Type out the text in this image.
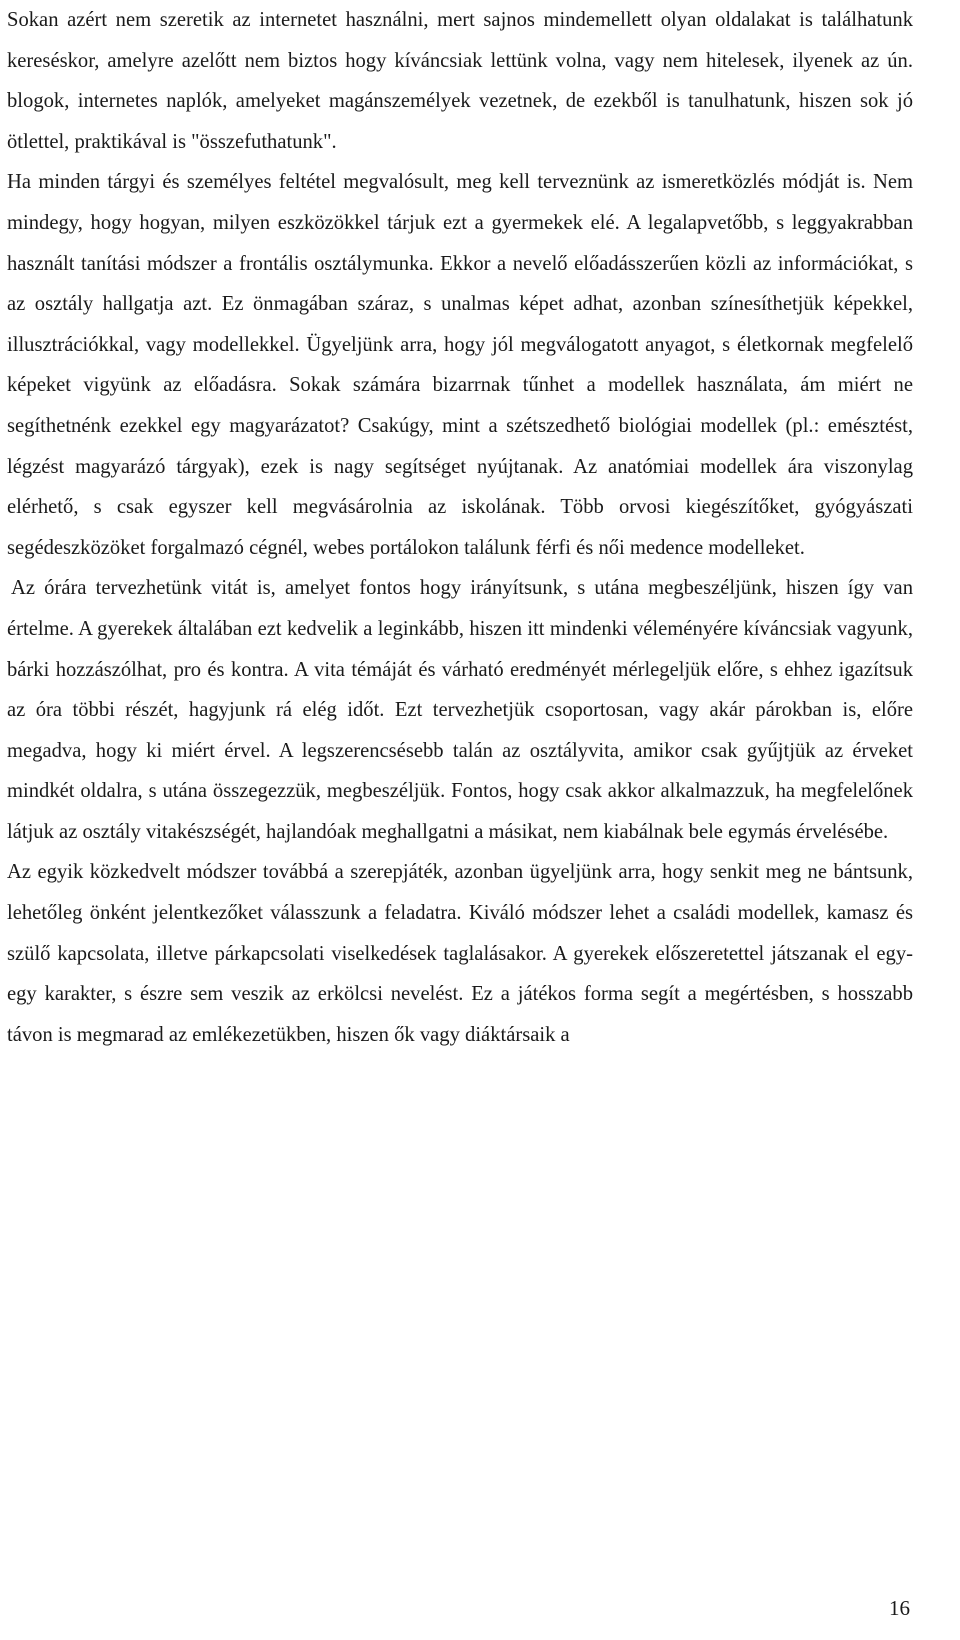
Sokan azért nem szeretik az internetet használni, mert sajnos mindemellett olyan oldalakat is találhatunk kereséskor, amelyre azelőtt nem biztos hogy kíváncsiak lettünk volna, vagy nem hitelesek, ilyenek az ún. blogok, internetes naplók, amelyeket magánszemélyek vezetnek, de ezekből is tanulhatunk, hiszen sok jó ötlettel, praktikával is "összefuthatunk".

Ha minden tárgyi és személyes feltétel megvalósult, meg kell terveznünk az ismeretközlés módját is. Nem mindegy, hogy hogyan, milyen eszközökkel tárjuk ezt a gyermekek elé. A legalapvetőbb, s leggyakrabban használt tanítási módszer a frontális osztálymunka. Ekkor a nevelő előadásszerűen közli az információkat, s az osztály hallgatja azt. Ez önmagában száraz, s unalmas képet adhat, azonban színesíthetjük képekkel, illusztrációkkal, vagy modellekkel. Ügyeljünk arra, hogy jól megválogatott anyagot, s életkornak megfelelő képeket vigyünk az előadásra. Sokak számára bizarrnak tűnhet a modellek használata, ám miért ne segíthetnénk ezekkel egy magyarázatot? Csakúgy, mint a szétszedhető biológiai modellek (pl.: emésztést, légzést magyarázó tárgyak), ezek is nagy segítséget nyújtanak. Az anatómiai modellek ára viszonylag elérhető, s csak egyszer kell megvásárolnia az iskolának. Több orvosi kiegészítőket, gyógyászati segédeszközöket forgalmazó cégnél, webes portálokon találunk férfi és női medence modelleket.

Az órára tervezhetünk vitát is, amelyet fontos hogy irányítsunk, s utána megbeszéljünk, hiszen így van értelme. A gyerekek általában ezt kedvelik a leginkább, hiszen itt mindenki véleményére kíváncsiak vagyunk, bárki hozzászólhat, pro és kontra. A vita témáját és várható eredményét mérlegeljük előre, s ehhez igazítsuk az óra többi részét, hagyjunk rá elég időt. Ezt tervezhetjük csoportosan, vagy akár párokban is, előre megadva, hogy ki miért érvel. A legszerencsésebb talán az osztályvita, amikor csak gyűjtjük az érveket mindkét oldalra, s utána összegezzük, megbeszéljük. Fontos, hogy csak akkor alkalmazzuk, ha megfelelőnek látjuk az osztály vitakészségét, hajlandóak meghallgatni a másikat, nem kiabálnak bele egymás érvelésébe.

Az egyik közkedvelt módszer továbbá a szerepjáték, azonban ügyeljünk arra, hogy senkit meg ne bántsunk, lehetőleg önként jelentkezőket válasszunk a feladatra. Kiváló módszer lehet a családi modellek, kamasz és szülő kapcsolata, illetve párkapcsolati viselkedések taglalásakor. A gyerekek előszeretettel játszanak el egy-egy karakter, s észre sem veszik az erkölcsi nevelést. Ez a játékos forma segít a megértésben, s hosszabb távon is megmarad az emlékezetükben, hiszen ők vagy diáktársaik a

16
